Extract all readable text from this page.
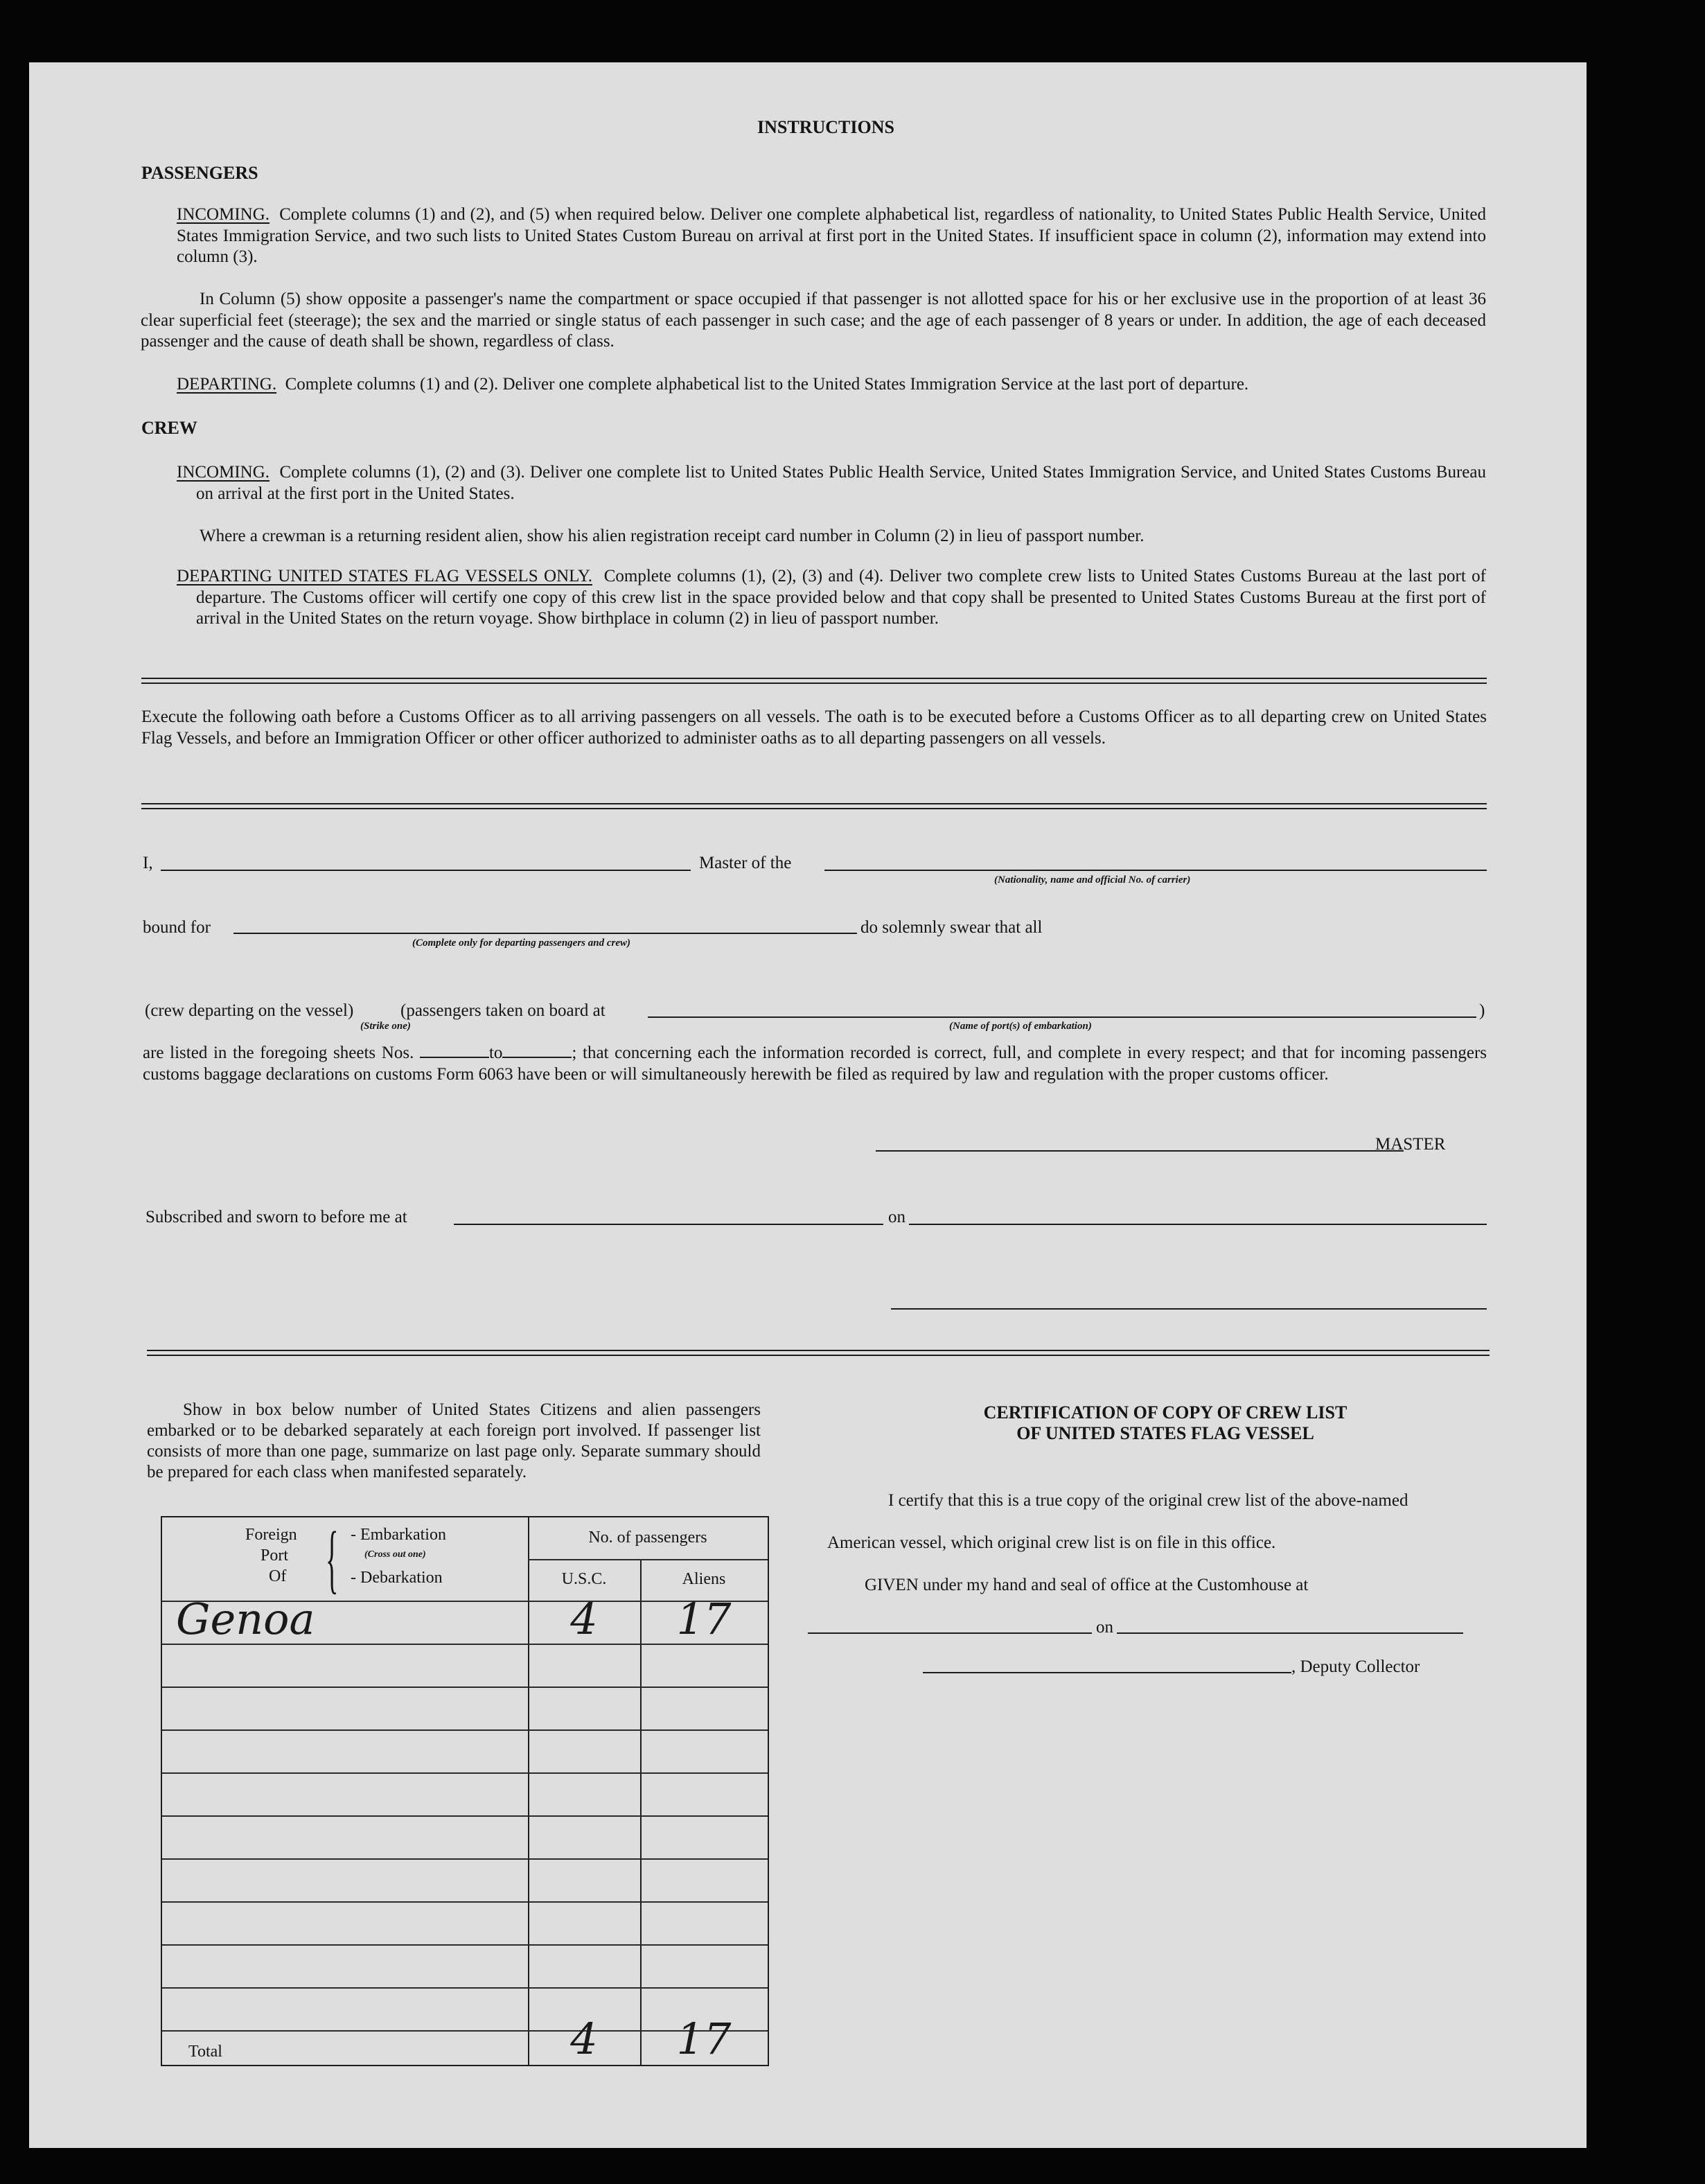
INSTRUCTIONS
PASSENGERS
INCOMING. Complete columns (1) and (2), and (5) when required below. Deliver one complete alphabetical list, regardless of nationality, to United States Public Health Service, United States Immigration Service, and two such lists to United States Custom Bureau on arrival at first port in the United States. If insufficient space in column (2), information may extend into column (3).
In Column (5) show opposite a passenger's name the compartment or space occupied if that passenger is not allotted space for his or her exclusive use in the proportion of at least 36 clear superficial feet (steerage); the sex and the married or single status of each passenger in such case; and the age of each passenger of 8 years or under. In addition, the age of each deceased passenger and the cause of death shall be shown, regardless of class.
DEPARTING. Complete columns (1) and (2). Deliver one complete alphabetical list to the United States Immigration Service at the last port of departure.
CREW
INCOMING. Complete columns (1), (2) and (3). Deliver one complete list to United States Public Health Service, United States Immigration Service, and United States Customs Bureau on arrival at the first port in the United States.
Where a crewman is a returning resident alien, show his alien registration receipt card number in Column (2) in lieu of passport number.
DEPARTING UNITED STATES FLAG VESSELS ONLY. Complete columns (1), (2), (3) and (4). Deliver two complete crew lists to United States Customs Bureau at the last port of departure. The Customs officer will certify one copy of this crew list in the space provided below and that copy shall be presented to United States Customs Bureau at the first port of arrival in the United States on the return voyage. Show birthplace in column (2) in lieu of passport number.
Execute the following oath before a Customs Officer as to all arriving passengers on all vessels. The oath is to be executed before a Customs Officer as to all departing crew on United States Flag Vessels, and before an Immigration Officer or other officer authorized to administer oaths as to all departing passengers on all vessels.
I,	Master of the
(Nationality, name and official No. of carrier)
bound for
(Complete only for departing passengers and crew)
do solemnly swear that all
(crew departing on the vessel)	(passengers taken on board at	)
(Strike one)	(Name of port(s) of embarkation)
are listed in the foregoing sheets Nos.	to	; that concerning each the information recorded is correct, full, and complete in every respect; and that for incoming passengers customs baggage declarations on customs Form 6063 have been or will simultaneously herewith be filed as required by law and regulation with the proper customs officer.
MASTER
Subscribed and sworn to before me at	on
Show in box below number of United States Citizens and alien passengers embarked or to be debarked separately at each foreign port involved. If passenger list consists of more than one page, summarize on last page only. Separate summary should be prepared for each class when manifested separately.
Foreign
Port
Of { - Embarkation
(Cross out one)
- Debarkation
No. of passengers
U.S.C.	Aliens
Genoa	4	17
Total	4	17
CERTIFICATION OF COPY OF CREW LIST
OF UNITED STATES FLAG VESSEL
I certify that this is a true copy of the original crew list of the above-named
American vessel, which original crew list is on file in this office.
GIVEN under my hand and seal of office at the Customhouse at
on
, Deputy Collector
